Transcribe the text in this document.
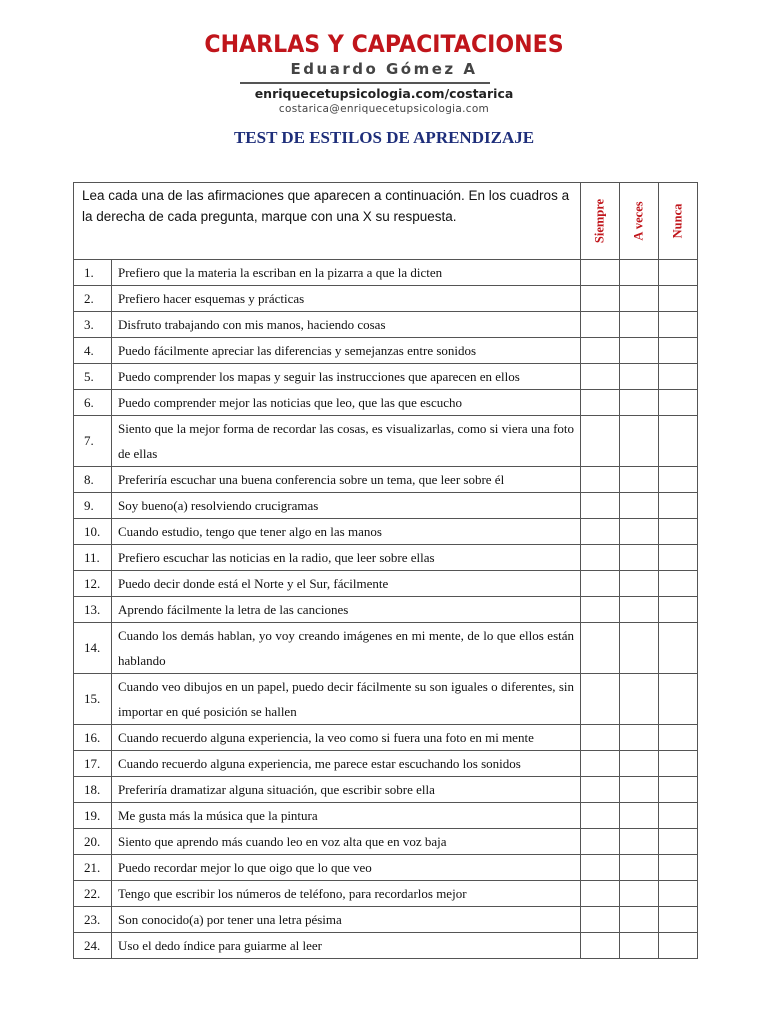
CHARLAS Y CAPACITACIONES
Eduardo Gómez A
enriquecetupsicologia.com/costarica
costarica@enriquecetupsicologia.com
TEST DE ESTILOS DE APRENDIZAJE
Lea cada una de las afirmaciones que aparecen a continuación. En los cuadros a la derecha de cada pregunta, marque con una X su respuesta.		Siempre	A veces	Nunca

1.	Prefiero que la materia la escriban en la pizarra a que la dicten			
2.	Prefiero hacer esquemas y prácticas			
3.	Disfruto trabajando con mis manos, haciendo cosas			
4.	Puedo fácilmente apreciar las diferencias y semejanzas entre sonidos			
5.	Puedo comprender los mapas y seguir las instrucciones que aparecen en ellos			
6.	Puedo comprender mejor las noticias que leo, que las que escucho			
7.	Siento que la mejor forma de recordar las cosas, es visualizarlas, como si viera una foto de ellas			
8.	Preferiría escuchar una buena conferencia sobre un tema, que leer sobre él			
9.	Soy bueno(a) resolviendo crucigramas			
10.	Cuando estudio, tengo que tener algo en las manos			
11.	Prefiero escuchar las noticias en la radio, que leer sobre ellas			
12.	Puedo decir donde está el Norte y el Sur, fácilmente			
13.	Aprendo fácilmente la letra de las canciones			
14.	Cuando los demás hablan, yo voy creando imágenes en mi mente, de lo que ellos están hablando			
15.	Cuando veo dibujos en un papel, puedo decir fácilmente su son iguales o diferentes, sin importar en qué posición se hallen			
16.	Cuando recuerdo alguna experiencia, la veo como si fuera una foto en mi mente			
17.	Cuando recuerdo alguna experiencia, me parece estar escuchando los sonidos			
18.	Preferiría dramatizar alguna situación, que escribir sobre ella			
19.	Me gusta más la música que la pintura			
20.	Siento que aprendo más cuando leo en voz alta que en voz baja			
21.	Puedo recordar mejor lo que oigo que lo que veo			
22.	Tengo que escribir los números de teléfono, para recordarlos mejor			
23.	Son conocido(a) por tener una letra pésima			
24.	Uso el dedo índice para guiarme al leer			
